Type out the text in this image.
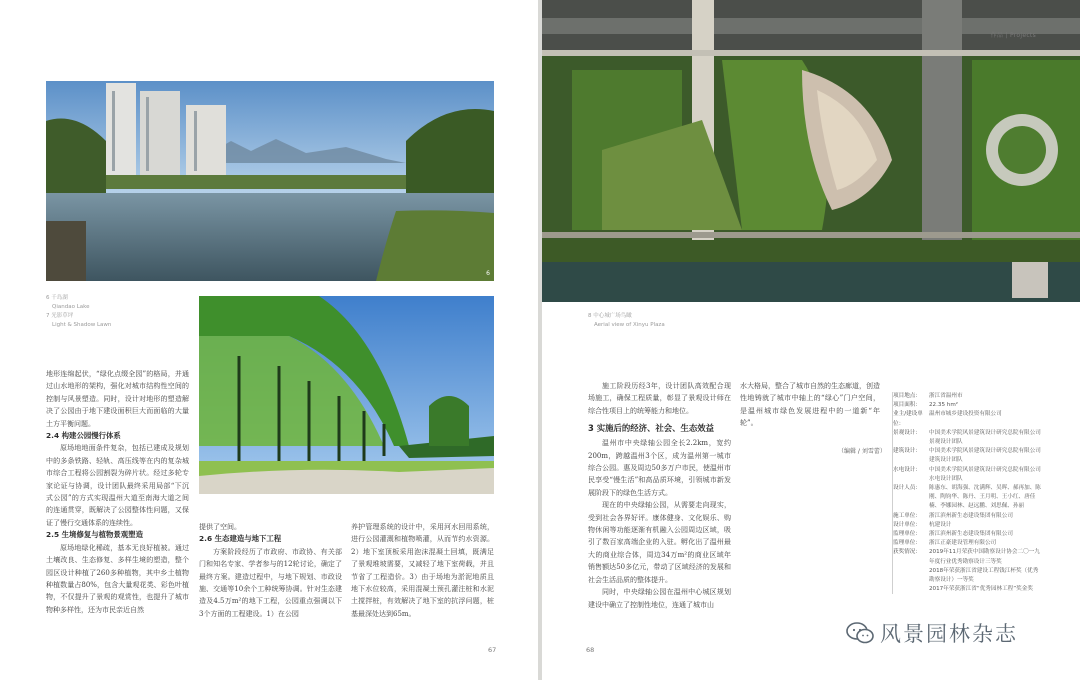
6
6 千岛湖
Qiandao Lake
7 光影草坪
Light & Shadow Lawn

地形连绵起伏，“绿化点缀全园”的格局，并通过山水地形的架构，强化对城市结构性空间的控制与风景塑造。同时，设计对地形的塑造解决了公园由于地下建设面积巨大而面临的大量土方平衡问题。

2.4 构建公园慢行体系

原场地地面条件复杂，包括已建成及规划中的多条铁路、轻轨、高压线等在内的复杂城市综合工程将公园割裂为碎片状。经过多轮专家论证与协调，设计团队最终采用局部“下沉式公园”的方式实现温州大道至南海大道之间的连通贯穿，既解决了公园整体性问题，又保证了慢行交通体系的连续性。

2.5 生境修复与植物景观塑造

原场地绿化稀疏，基本无良好植被。通过土壤改良、生态修复、多样生境的塑造，整个园区设计种植了260多种植物，其中乡土植物种植数量占80%，包含大量观花类、彩色叶植物，不仅提升了景观的观赏性，也提升了城市物种多样性，还为市民亲近自然

提供了空间。

2.6 生态建造与地下工程

方案阶段经历了市政府、市政协、有关部门和知名专家、学者参与的12轮讨论，确定了最终方案。建造过程中，与地下规划、市政设施、交通等10余个工种统筹协调。针对生态建造及4.5万m²的地下工程，公园重点强调以下3个方面的工程建设。1）在公园

养护管理系统的设计中，采用河水回用系统，进行公园灌溉和植物喷灌，从而节约水资源。2）地下室顶板采用泡沫混凝土回填，既满足了景观堆坡需要，又减轻了地下室荷载，并且节省了工程造价。3）由于场地为淤泥地质且地下水位较高，采用混凝土预孔灌注桩和水泥土搅拌桩，有效解决了地下室的抗浮问题，桩基最深处达到65m。

67
作品 | Projects
8 中心城广场鸟瞰
Aerial view of Xinyu Plaza

施工阶段历经3年，设计团队高效配合现场施工，确保工程质量，彰显了景观设计师在综合性项目上的统筹能力和地位。

3 实施后的经济、社会、生态效益

温州市中央绿轴公园全长2.2km，宽约200m，跨越温州3个区，成为温州第一城市综合公园。惠及周边50多万户市民，使温州市民享受“慢生活”和高品质环境，引领城市新发展阶段下的绿色生活方式。

现在的中央绿轴公园，从需要走向现实，受到社会各界好评。康体健身、文化娱乐、购物休闲等功能逐渐有机融入公园周边区域，吸引了数百家高端企业的入驻。孵化出了温州最大的商业综合体，周边34万m²的商业区域年销售额达50多亿元，带动了区域经济的发展和社会生活品质的整体提升。

同时，中央绿轴公园在温州中心城区规划建设中确立了控制性地位，连通了城市山

水大格局，整合了城市自然的生态廊道，创造性地铸就了城市中轴上的“绿心”门户空间，是温州城市绿色发展进程中的一道新“年轮”。

68
（编辑 / 刘雪蕾）
项目地点：	浙江省温州市
项目面积：	22.35 hm²
业主/建设单位：
温州市城乡建设投资有限公司
景观设计：	中国美术学院风景建筑设计研究总院有限公司景观设计团队
建筑设计：	中国美术学院风景建筑设计研究总院有限公司建筑设计团队
水电设计：	中国美术学院风景建筑设计研究总院有限公司水电设计团队
设计人员：	陈惠东、胡海强、沈满辉、吴晖、郝再加、陈刚、陶钧华、陈丹、王月明、王小红、唐佳楠、李娜园林、赵远鹏、刘思佩、孙丽
施工单位：	浙江滨州新生态建设集团有限公司
设计单位：	杭建设计
监理单位：	浙江滨州新生态建设集团有限公司
监理单位：	浙江正豪建设管理有限公司
获奖情况：	2019年11月荣获中国勘察设计协会二〇一九年度行业优秀勘察设计三等奖
2018年荣获浙江省建设工程钱江杯奖（优秀勘察设计）一等奖
2017年荣获浙江省“优秀园林工程”奖金奖
风景园林杂志
